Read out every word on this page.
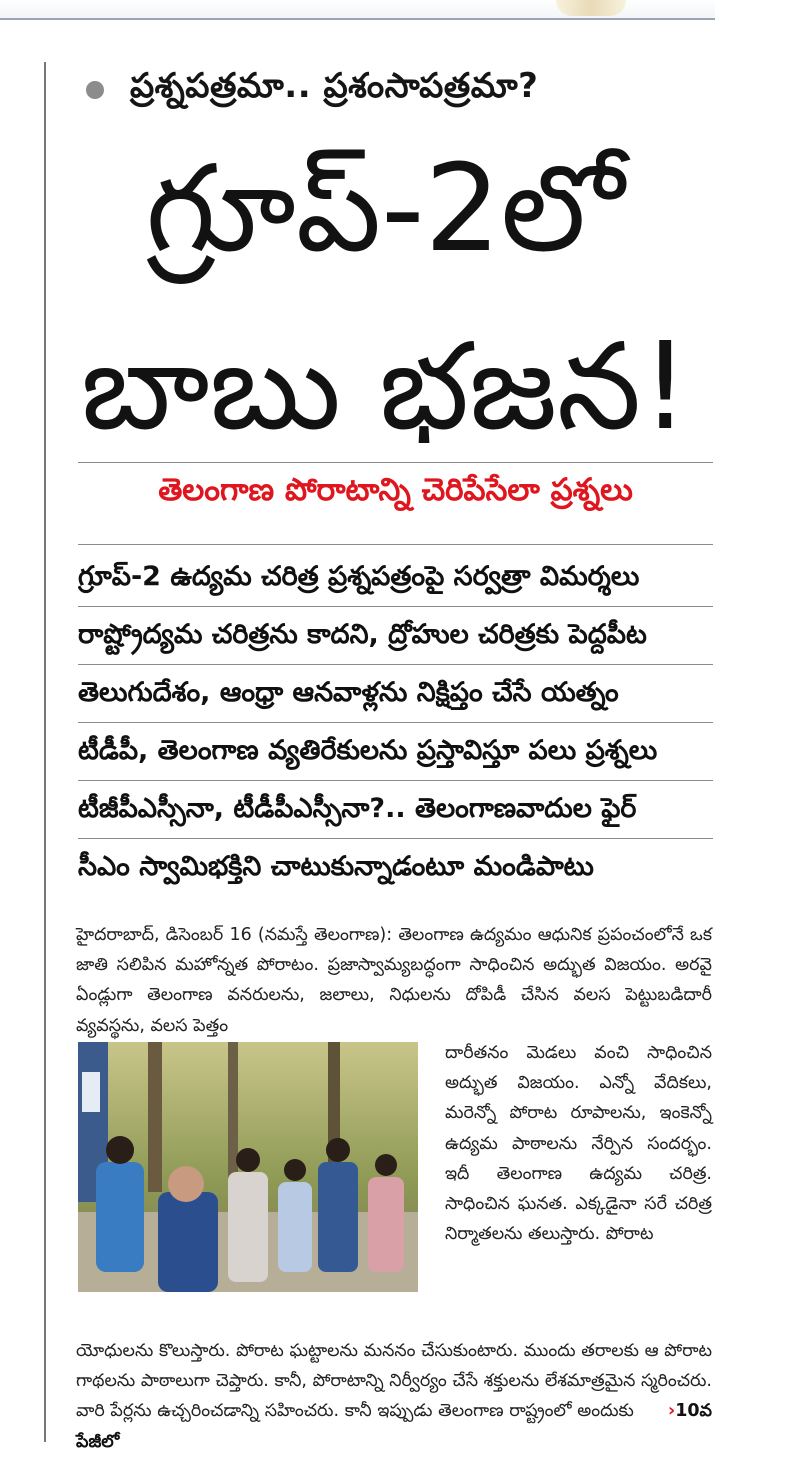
ప్రశ్నపత్రమా.. ప్రశంసాపత్రమా?
గ్రూప్‌-2లో
బాబు భజన!
తెలంగాణ పోరాటాన్ని చెరిపేసేలా ప్రశ్నలు
గ్రూప్‌-2 ఉద్యమ చరిత్ర ప్రశ్నపత్రంపై సర్వత్రా విమర్శలు
రాష్ట్రోద్యమ చరిత్రను కాదని, ద్రోహుల చరిత్రకు పెద్దపీట
తెలుగుదేశం, ఆంధ్రా ఆనవాళ్లను నిక్షిప్తం చేసే యత్నం
టీడీపీ, తెలంగాణ వ్యతిరేకులను ప్రస్తావిస్తూ పలు ప్రశ్నలు
టీజీపీఎస్సీనా, టీడీపీఎస్సీనా?.. తెలంగాణవాదుల ఫైర్‌
సీఎం స్వామిభక్తిని చాటుకున్నాడంటూ మండిపాటు
హైదరాబాద్‌, డిసెంబర్‌ 16 (నమస్తే తెలంగాణ): తెలంగాణ ఉద్యమం ఆధునిక ప్రపంచంలోనే ఒక జాతి సలిపిన మహోన్నత పోరాటం. ప్రజాస్వామ్యబద్ధంగా సాధించిన అద్భుత విజయం. అరవై ఏండ్లుగా తెలంగాణ వనరులను, జలాలు, నిధులను దోపిడీ చేసిన వలస పెట్టుబడిదారీ వ్యవస్థను, వలస పెత్తం
దారీతనం మెడలు వంచి సాధించిన అద్భుత విజయం. ఎన్నో వేదికలు, మరెన్నో పోరాట రూపాలను, ఇంకెన్నో ఉద్యమ పాఠాలను నేర్పిన సందర్భం. ఇదీ తెలంగాణ ఉద్యమ చరిత్ర. సాధించిన ఘనత. ఎక్కడైనా సరే చరిత్ర నిర్మాతలను తలుస్తారు. పోరాట
యోధులను కొలుస్తారు. పోరాట ఘట్టాలను మననం చేసుకుంటారు. ముందు తరాలకు ఆ పోరాట గాథలను పాఠాలుగా చెప్తారు. కానీ, పోరాటాన్ని నిర్వీర్యం చేసే శక్తులను లేశమాత్రమైన స్మరించరు. వారి పేర్లను ఉచ్చరించడాన్ని సహించరు. కానీ ఇప్పుడు తెలంగాణ రాష్ట్రంలో అందుకు ›10వ పేజీలో
